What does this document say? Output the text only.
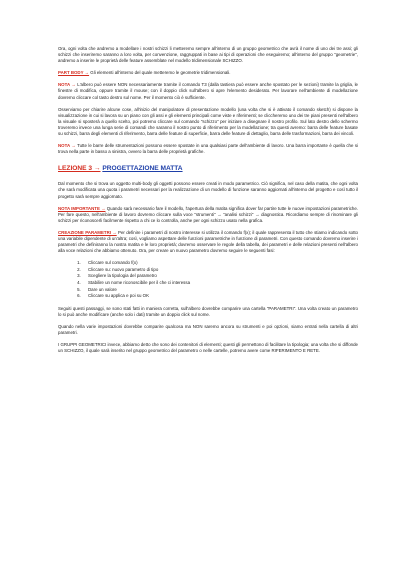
Ora, ogni volta che andremo a modellare i nostri schizzi li metteremo sempre all'interno di un gruppo geometrico che avrà il nome di uno dei tre assi; gli schizzi che inseriremo saranno a loro volta, per convenzione, raggruppati in base ai tipi di operazioni che eseguiremo; all'interno del gruppo "geometrie", andremo a inserire le proprietà delle feature assemblate nel modello tridimensionale SCHIZZO.

PART BODY → Gli elementi all'interno del quale metteremo le geometrie tridimensionali.

NOTA → L'albero può essere NON necessariamente tramite il comando T3 (dalla tastiera può essere anche spostato per le sezioni) tramite la griglia, le finestre di modifica, oppure tramite il mouse; con il doppio click sull'albero si apre l'elemento desiderato. Per lavorare nell'ambiente di modellazione dovremo cliccare col tasto destro sul nome. Per il momento ciò è sufficiente.

Osserviamo per chiarire alcune cose, all'inizio del manipolatore di presentazione modello (una volta che si è attivato il comando sketch) si dispone la visualizzazione in cui si lavora su un piano con gli assi e gli elementi principali come viste e riferimenti; se cliccheremo uno dei tre piani presenti nell'albero la visuale si sposterà a quello scelto, poi potremo cliccare sul comando "schizzo" per iniziare a disegnare il nostro profilo. Sul lato destro dello schermo troveremo invece una lunga serie di comandi che saranno il nostro punto di riferimento per la modellazione; tra questi avremo: barra delle feature basate su schizzi, barra degli elementi di riferimento, barra delle feature di superficie, barra delle feature di dettaglio, barra delle trasformazioni, barra dei vincoli.

NOTA → Tutte le barre delle strumentazioni possono essere spostate in una qualsiasi parte dell'ambiente di lavoro. Una barra importante è quella che si trova nella parte in basso a sinistra, ovvero la barra delle proprietà grafiche.

LEZIONE 3 → PROGETTAZIONE MATTA

Dal momento che si trova un oggetto multi-body gli oggetti possono essere creati in modo parametrico. Ciò significa, nel caso della matita, che ogni volta che sarà modificata una quota i parametri necessari per la realizzazione di un modello di funzione saranno aggiornati all'interno del progetto e così tutto il progetto sarà sempre aggiornato.

NOTA IMPORTANTE → Quando sarà necessario fare il modello, l'apertura della matita significa dover far partire tutte le nuove impostazioni parametriche. Per fare questo, nell'ambiente di lavoro dovremo cliccare sulla voce "strumenti" → "analisi schizzi" → diagnostica. Ricordiamo sempre di rinominare gli schizzi per riconoscerli facilmente rispetto a chi ce lo controlla, anche per ogni schizzo usato nella grafica.

CREAZIONE PARAMETRI → Per definire i parametri di nostro interesse si utilizza il comando f(x); il quale rappresenta il tutto che stiamo indicando sotto una variabile dipendente di un'altra; così, vogliamo aspettare delle funzioni parametriche in funzione di parametri. Con questo comando dovremo inserire i parametri che definiranno la nostra matita e le loro proprietà; dovremo osservare le regole della tabella, dei parametri e delle relazioni presenti nell'albero alla voce relazioni che abbiamo ottenuto. Ora, per creare un nuovo parametro dovremo seguire le seguenti fasi:

1. Cliccare sul comando f(x)
2. Cliccare su: nuovo parametro di tipo
3. Scegliere la tipologia del parametro
4. Stabilire un nome riconoscibile per il che ci interessa
5. Dare un valore
6. Cliccare su applica e poi su OK

Seguiti questi passaggi, se sono stati fatti in maniera corretta, sull'albero dovrebbe comparire una cartella "PARAMETRI". Una volta creato un parametro lo si può anche modificare (anche solo i dati) tramite un doppio click sul nome.

Quando nella varie impostazioni dovrebbe comparire qualcosa ma NON saremo ancora su strumenti e poi opzioni, siamo entrati nella cartella di altri parametri.

I GRUPPI GEOMETRICI invece, abbiamo detto che sono dei contenitori di elementi; questi gli permettono di facilitare la tipologia; una volta che si diffonde un SCHIZZO, il quale sarà inserito nel gruppo geometrico del parametro o nelle cartelle, potremo avere come RIFERIMENTO E RETE.
